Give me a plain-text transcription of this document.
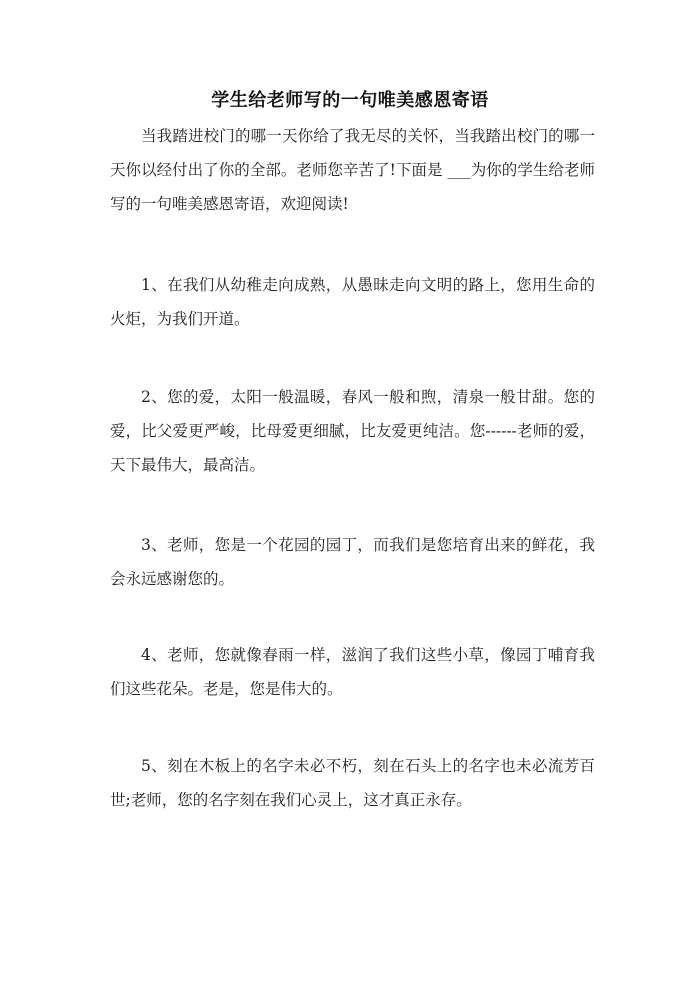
学生给老师写的一句唯美感恩寄语

当我踏进校门的哪一天你给了我无尽的关怀，当我踏出校门的哪一天你以经付出了你的全部。老师您辛苦了!下面是 ___为你的学生给老师写的一句唯美感恩寄语，欢迎阅读!

1、在我们从幼稚走向成熟，从愚昧走向文明的路上，您用生命的火炬，为我们开道。

2、您的爱，太阳一般温暖，春风一般和煦，清泉一般甘甜。您的爱，比父爱更严峻，比母爱更细腻，比友爱更纯洁。您------老师的爱，天下最伟大，最高洁。

3、老师，您是一个花园的园丁，而我们是您培育出来的鲜花，我会永远感谢您的。

4、老师，您就像春雨一样，滋润了我们这些小草，像园丁哺育我们这些花朵。老是，您是伟大的。

5、刻在木板上的名字未必不朽，刻在石头上的名字也未必流芳百世;老师，您的名字刻在我们心灵上，这才真正永存。
